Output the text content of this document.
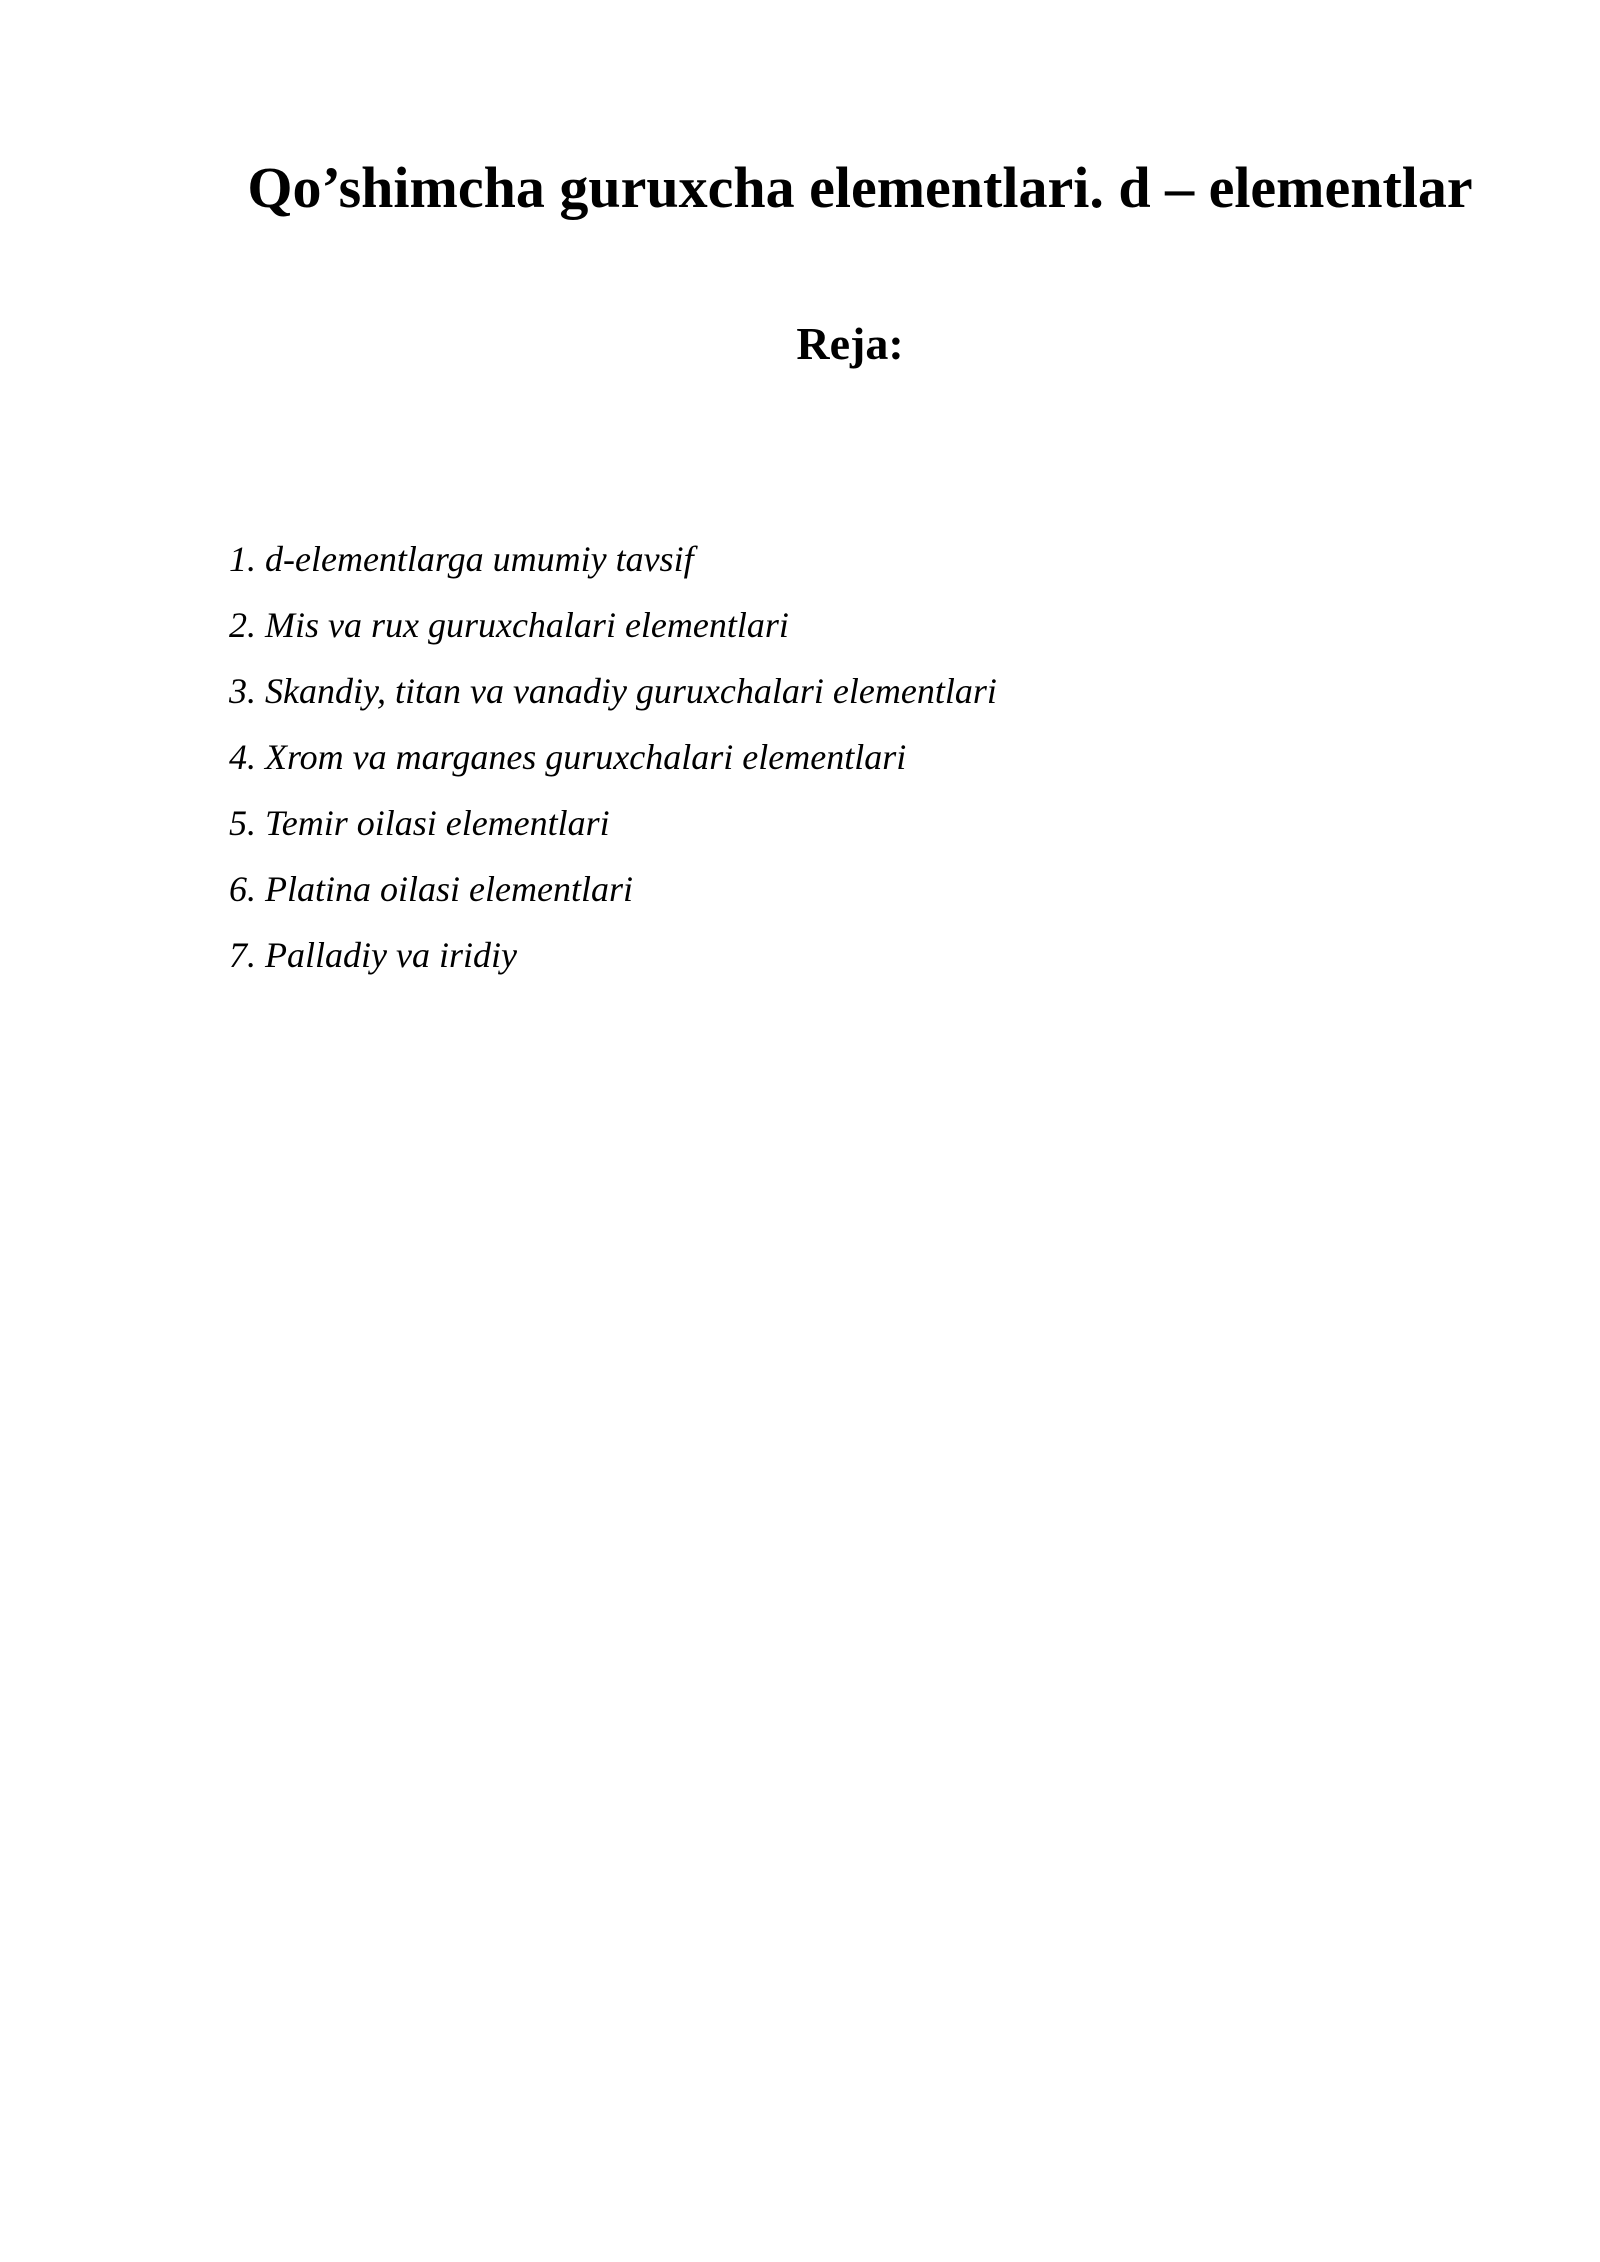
Qo’shimcha guruxcha elementlari. d – elementlar
Reja:
1. d-elementlarga umumiy tavsif
2. Mis va rux guruxchalari elementlari
3. Skandiy, titan va vanadiy guruxchalari elementlari
4. Xrom va marganes guruxchalari elementlari
5. Temir oilasi elementlari
6. Platina oilasi elementlari
7. Palladiy va iridiy
